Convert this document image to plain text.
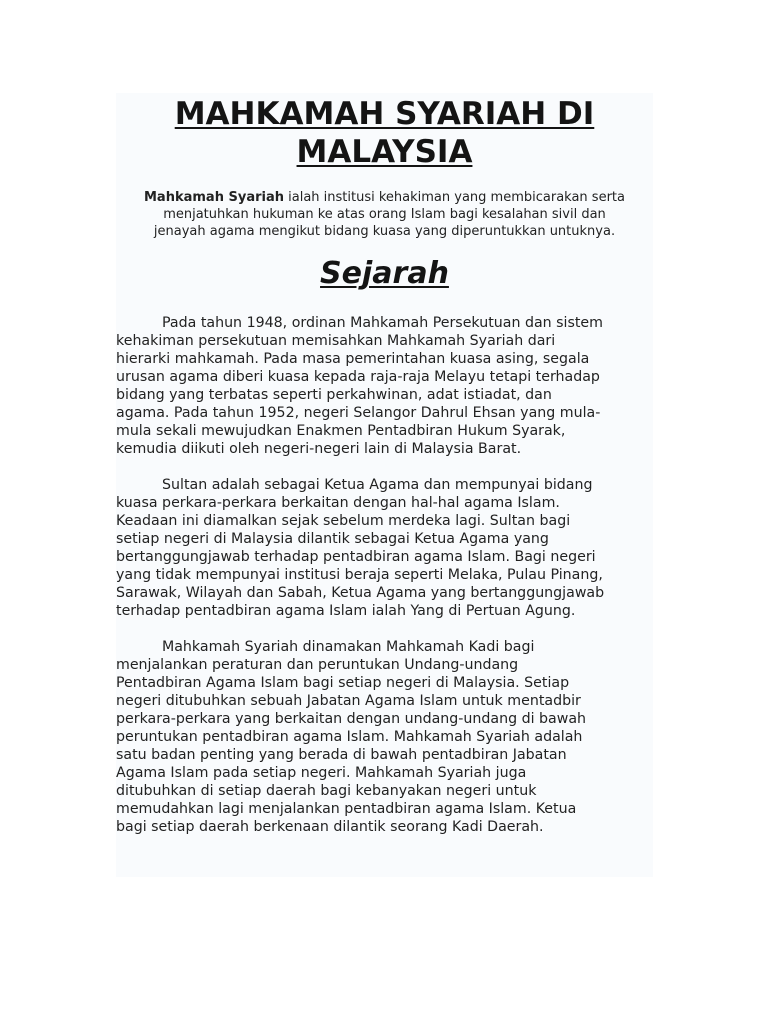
MAHKAMAH SYARIAH DI
MALAYSIA

Mahkamah Syariah ialah institusi kehakiman yang membicarakan serta
menjatuhkan hukuman ke atas orang Islam bagi kesalahan sivil dan
jenayah agama mengikut bidang kuasa yang diperuntukkan untuknya.

Sejarah

Pada tahun 1948, ordinan Mahkamah Persekutuan dan sistem
kehakiman persekutuan memisahkan Mahkamah Syariah dari
hierarki mahkamah. Pada masa pemerintahan kuasa asing, segala
urusan agama diberi kuasa kepada raja-raja Melayu tetapi terhadap
bidang yang terbatas seperti perkahwinan, adat istiadat, dan
agama. Pada tahun 1952, negeri Selangor Dahrul Ehsan yang mula-
mula sekali mewujudkan Enakmen Pentadbiran Hukum Syarak,
kemudia diikuti oleh negeri-negeri lain di Malaysia Barat.

Sultan adalah sebagai Ketua Agama dan mempunyai bidang
kuasa perkara-perkara berkaitan dengan hal-hal agama Islam.
Keadaan ini diamalkan sejak sebelum merdeka lagi. Sultan bagi
setiap negeri di Malaysia dilantik sebagai Ketua Agama yang
bertanggungjawab terhadap pentadbiran agama Islam. Bagi negeri
yang tidak mempunyai institusi beraja seperti Melaka, Pulau Pinang,
Sarawak, Wilayah dan Sabah, Ketua Agama yang bertanggungjawab
terhadap pentadbiran agama Islam ialah Yang di Pertuan Agung.

Mahkamah Syariah dinamakan Mahkamah Kadi bagi
menjalankan peraturan dan peruntukan Undang-undang
Pentadbiran Agama Islam bagi setiap negeri di Malaysia. Setiap
negeri ditubuhkan sebuah Jabatan Agama Islam untuk mentadbir
perkara-perkara yang berkaitan dengan undang-undang di bawah
peruntukan pentadbiran agama Islam. Mahkamah Syariah adalah
satu badan penting yang berada di bawah pentadbiran Jabatan
Agama Islam pada setiap negeri. Mahkamah Syariah juga
ditubuhkan di setiap daerah bagi kebanyakan negeri untuk
memudahkan lagi menjalankan pentadbiran agama Islam. Ketua
bagi setiap daerah berkenaan dilantik seorang Kadi Daerah.
